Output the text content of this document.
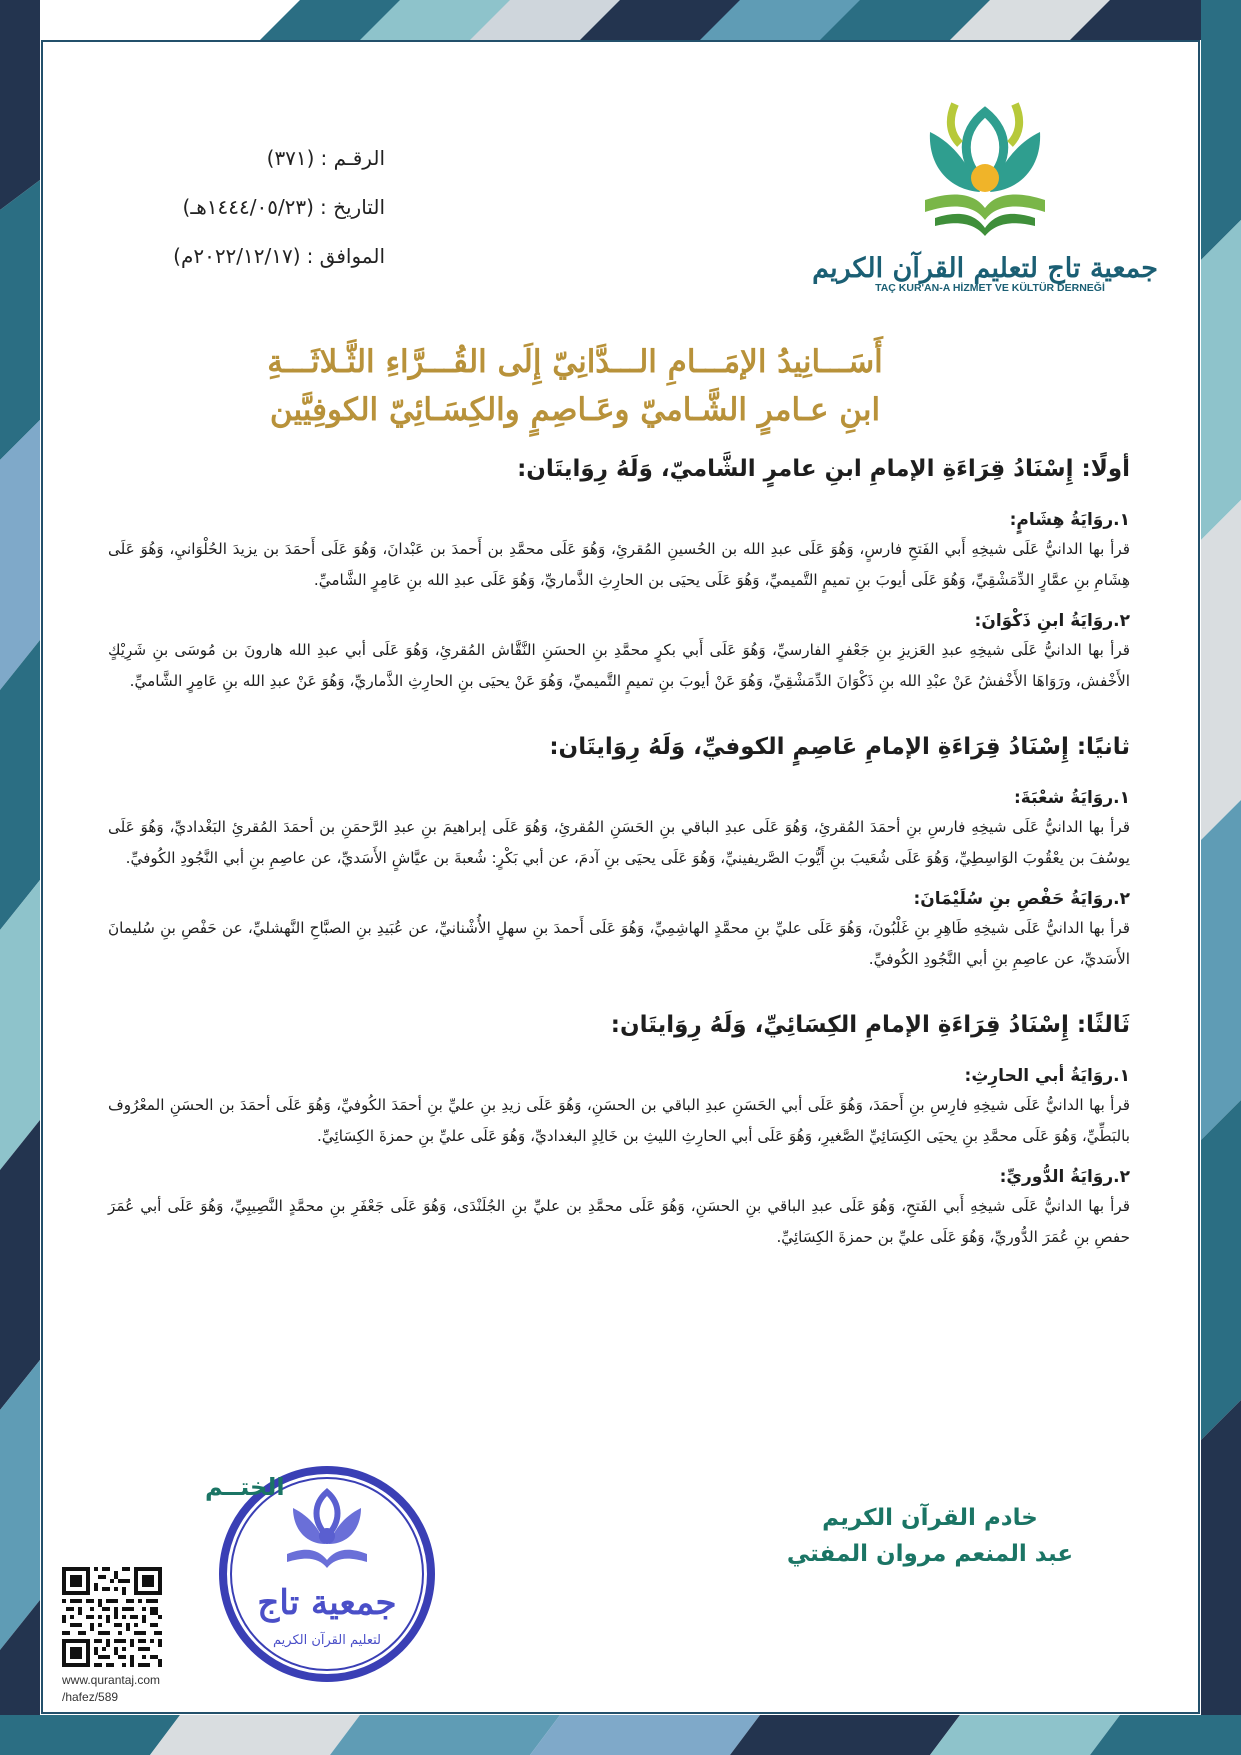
جمعية تاج لتعليم القرآن الكريم
TAÇ KUR'AN-A HİZMET VE KÜLTÜR DERNEĞİ
الرقـم :
(٣٧١)
التاريخ :
(١٤٤٤/٠٥/٢٣هـ)
الموافق :
(٢٠٢٢/١٢/١٧م)
أَسَـــانِيدُ الإمَـــامِ الـــدَّانِيّ إِلَى القُـــرَّاءِ الثَّـلاثَـــةِ
ابنِ عـامرٍ الشَّـاميّ وعَـاصِمٍ والكِسَـائِيّ الكوفِيَّين

أولًا: إِسْنَادُ قِرَاءَةِ الإمامِ ابنِ عامرٍ الشَّاميّ، وَلَهُ رِوَايتَان:

١.روَايَةُ هِشَامٍ:

قرأ بها الدانيُّ عَلَى شيخِهِ أَبي الفَتحِ فارسٍ، وَهُوَ عَلَى عبدِ الله بن الحُسينِ المُقرئِ، وَهُوَ عَلَى محمَّدِ بن أَحمدَ بن عَبْدانَ، وَهُوَ عَلَى أَحمَدَ بن يزيدَ الحُلْوَانيِ، وَهُوَ عَلَى هِشَامِ بنِ عمَّارٍ الدِّمَشْقِيِّ، وَهُوَ عَلَى أيوبَ بنِ تميمٍ التَّميميِّ، وَهُوَ عَلَى يحيَى بن الحارِثِ الذَّماريِّ، وَهُوَ عَلَى عبدِ الله بنِ عَامِرٍ الشَّاميِّ.

٢.روَايَةُ ابنِ ذَكْوَانَ:

قرأ بها الدانيُّ عَلَى شيخِهِ عبدِ العَزيزِ بنِ جَعْفرٍ الفارسيِّ، وَهُوَ عَلَى أَبي بكرٍ محمَّدِ بنِ الحسَنِ النَّقَّاش المُقرئِ، وَهُوَ عَلَى أبي عبدِ الله هارونَ بن مُوسَى بنِ شَرِيْكٍ الأَخْفش، ورَوَاهَا الأَخْفشُ عَنْ عبْدِ الله بنِ ذَكْوَانَ الدِّمَشْقِيِّ، وَهُوَ عَنْ أيوبَ بنِ تميمٍ التَّميميِّ، وَهُوَ عَنْ يحيَى بنِ الحارِثِ الذَّماريِّ، وَهُوَ عَنْ عبدِ الله بنِ عَامِرٍ الشَّاميِّ.

ثانيًا: إِسْنَادُ قِرَاءَةِ الإمامِ عَاصِمٍ الكوفيِّ، وَلَهُ رِوَايتَان:

١.روَايَةُ شعْبَةَ:

قرأ بها الدانيُّ عَلَى شيخِهِ فارسِ بنِ أحمَدَ المُقرئِ، وَهُوَ عَلَى عبدِ الباقي بنِ الحَسَنِ المُقرئِ، وَهُوَ عَلَى إبراهيمَ بنِ عبدِ الرَّحمَنِ بن أحمَدَ المُقرئِ البَغْداديِّ، وَهُوَ عَلَى يوسُفَ بن يعْقُوبَ الوَاسِطِيِّ، وَهُوَ عَلَى شُعَيبَ بنِ أَيُّوبَ الصَّريفينيِّ، وَهُوَ عَلَى يحيَى بنِ آدمَ، عن أبي بَكْرٍ: شُعبةَ بن عيَّاشٍ الأَسَديِّ، عن عاصِمِ بنِ أبي النَّجُودِ الكُوفيِّ.

٢.روَايَةُ حَفْصِ بنِ سُلَيْمَانَ:

قرأ بها الدانيُّ عَلَى شيخِهِ طَاهِرِ بنِ غَلْبُونَ، وَهُوَ عَلَى عليِّ بنِ محمَّدٍ الهاشِمِيِّ، وَهُوَ عَلَى أَحمدَ بنِ سهلٍ الأُشْنانيِّ، عن عُبَيدِ بنِ الصبَّاحِ النَّهشليِّ، عن حَفْصِ بنِ سُليمانَ الأَسَديِّ، عن عاصِمِ بنِ أبي النَّجُودِ الكُوفيِّ.

ثَالثًا: إِسْنَادُ قِرَاءَةِ الإمامِ الكِسَائِيِّ، وَلَهُ رِوَايتَان:

١.روَايَةُ أبي الحارِثِ:

قرأ بها الدانيُّ عَلَى شيخِهِ فارِسِ بنِ أَحمَدَ، وَهُوَ عَلَى أبي الحَسَنِ عبدِ الباقي بن الحسَنِ، وَهُوَ عَلَى زيدِ بنِ عليِّ بنِ أحمَدَ الكُوفيِّ، وَهُوَ عَلَى أحمَدَ بن الحسَنِ المعْرُوف بالبَطِّيِّ، وَهُوَ عَلَى محمَّدِ بنِ يحيَى الكِسَائِيِّ الصَّغيرِ، وَهُوَ عَلَى أبي الحارِثِ الليثِ بن خَالِدٍ البغداديِّ، وَهُوَ عَلَى عليِّ بنِ حمزةَ الكِسَائِيِّ.

٢.روَايَةُ الدُّوريِّ:

قرأ بها الدانيُّ عَلَى شيخِهِ أَبي الفَتحِ، وَهُوَ عَلَى عبدِ الباقي بنِ الحسَنِ، وَهُوَ عَلَى محمَّدِ بن عليِّ بنِ الجُلَنْدَى، وَهُوَ عَلَى جَعْفَرِ بنِ محمَّدٍ النَّصِيبِيِّ، وَهُوَ عَلَى أبي عُمَرَ حفصِ بنِ عُمَرَ الدُّوريِّ، وَهُوَ عَلَى عليِّ بن حمزةَ الكِسَائِيِّ.

خادم القرآن الكريم
عبد المنعم مروان المفتي
جمعية تاج
لتعليم القرآن الكريم
الختــم
www.qurantaj.com
/hafez/589
